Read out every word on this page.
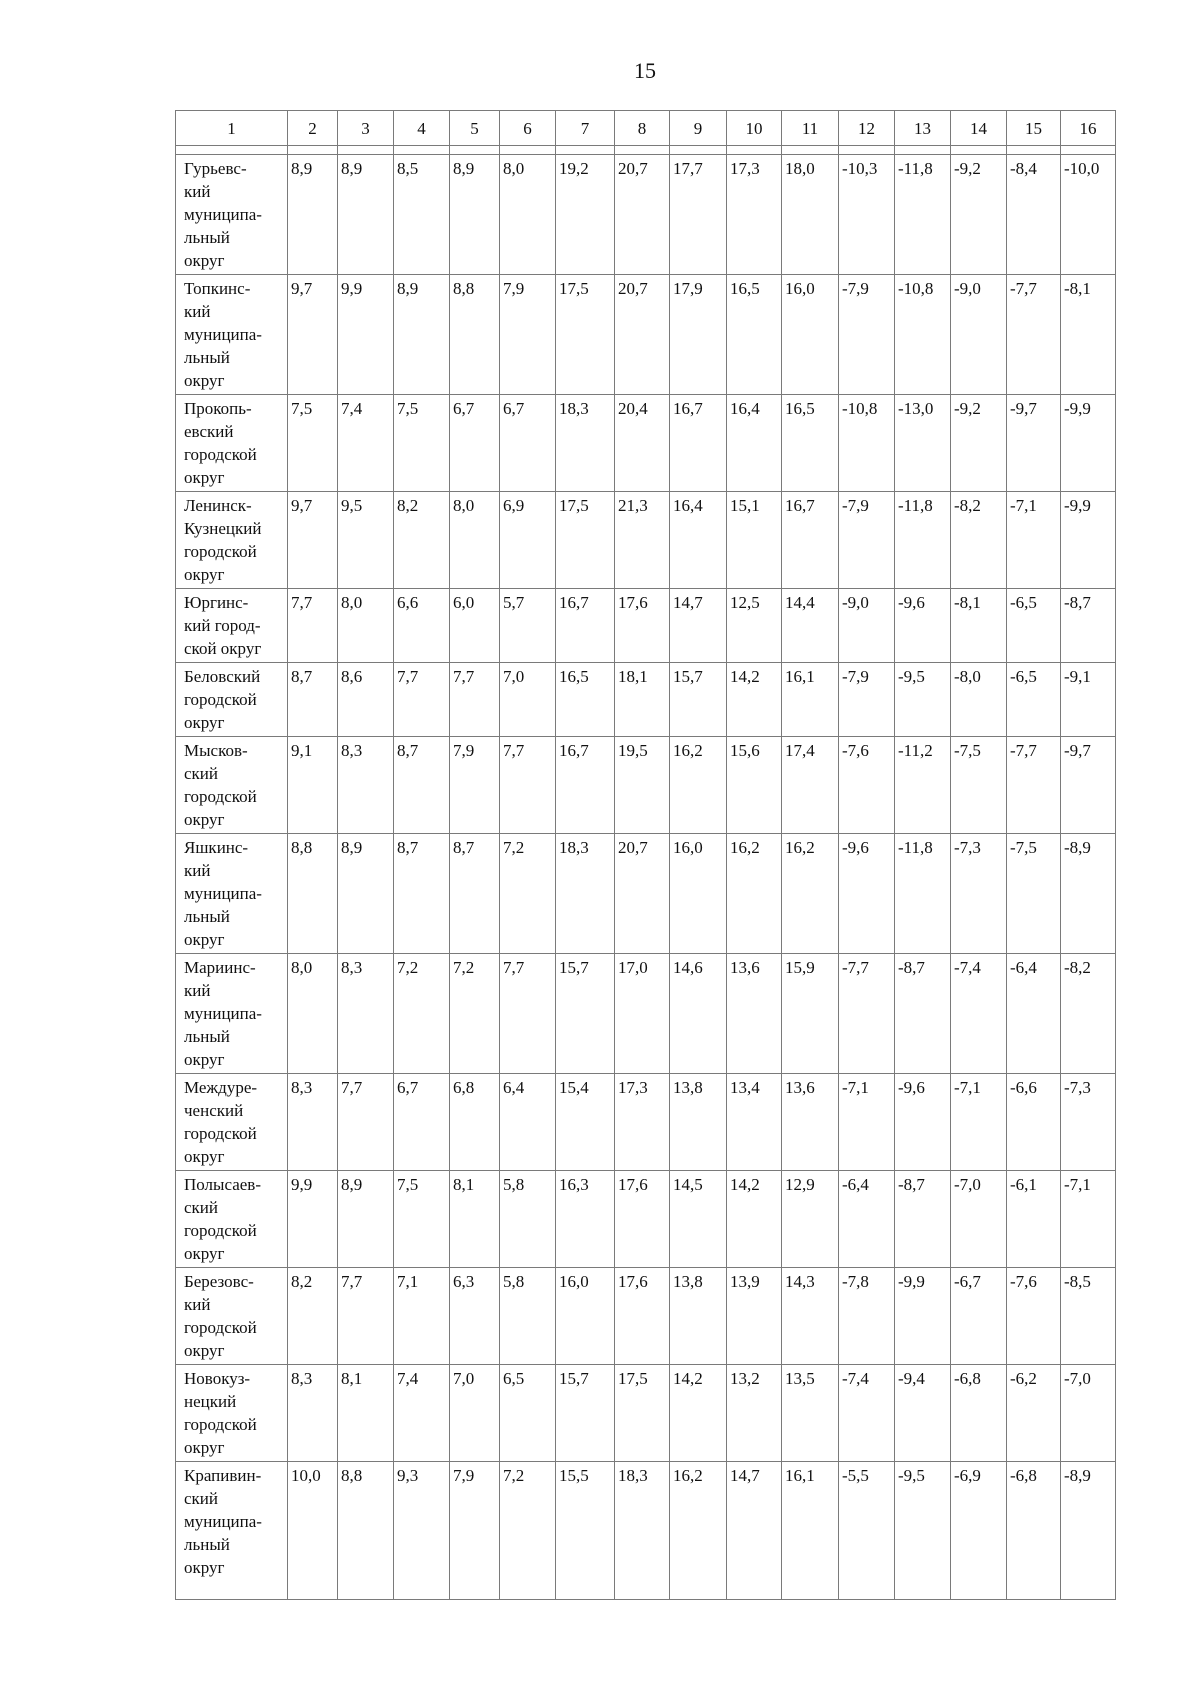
15
1	2	3	4	5	6	7	8	9	10	11	12	13	14	15	16

Гурьевс-
кий
муниципа-
льный
округ	8,9	8,9	8,5	8,9	8,0	19,2	20,7	17,7	17,3	18,0	-10,3	-11,8	-9,2	-8,4	-10,0

Топкинс-
кий
муниципа-
льный
округ	9,7	9,9	8,9	8,8	7,9	17,5	20,7	17,9	16,5	16,0	-7,9	-10,8	-9,0	-7,7	-8,1

Прокопь-
евский
городской
округ	7,5	7,4	7,5	6,7	6,7	18,3	20,4	16,7	16,4	16,5	-10,8	-13,0	-9,2	-9,7	-9,9

Ленинск-
Кузнецкий
городской
округ	9,7	9,5	8,2	8,0	6,9	17,5	21,3	16,4	15,1	16,7	-7,9	-11,8	-8,2	-7,1	-9,9

Юргинс-
кий город-
ской округ	7,7	8,0	6,6	6,0	5,7	16,7	17,6	14,7	12,5	14,4	-9,0	-9,6	-8,1	-6,5	-8,7

Беловский
городской
округ	8,7	8,6	7,7	7,7	7,0	16,5	18,1	15,7	14,2	16,1	-7,9	-9,5	-8,0	-6,5	-9,1

Мысков-
ский
городской
округ	9,1	8,3	8,7	7,9	7,7	16,7	19,5	16,2	15,6	17,4	-7,6	-11,2	-7,5	-7,7	-9,7

Яшкинс-
кий
муниципа-
льный
округ	8,8	8,9	8,7	8,7	7,2	18,3	20,7	16,0	16,2	16,2	-9,6	-11,8	-7,3	-7,5	-8,9

Мариинс-
кий
муниципа-
льный
округ	8,0	8,3	7,2	7,2	7,7	15,7	17,0	14,6	13,6	15,9	-7,7	-8,7	-7,4	-6,4	-8,2

Междуре-
ченский
городской
округ	8,3	7,7	6,7	6,8	6,4	15,4	17,3	13,8	13,4	13,6	-7,1	-9,6	-7,1	-6,6	-7,3

Полысаев-
ский
городской
округ	9,9	8,9	7,5	8,1	5,8	16,3	17,6	14,5	14,2	12,9	-6,4	-8,7	-7,0	-6,1	-7,1

Березовс-
кий
городской
округ	8,2	7,7	7,1	6,3	5,8	16,0	17,6	13,8	13,9	14,3	-7,8	-9,9	-6,7	-7,6	-8,5

Новокуз-
нецкий
городской
округ	8,3	8,1	7,4	7,0	6,5	15,7	17,5	14,2	13,2	13,5	-7,4	-9,4	-6,8	-6,2	-7,0

Крапивин-
ский
муниципа-
льный
округ	10,0	8,8	9,3	7,9	7,2	15,5	18,3	16,2	14,7	16,1	-5,5	-9,5	-6,9	-6,8	-8,9
